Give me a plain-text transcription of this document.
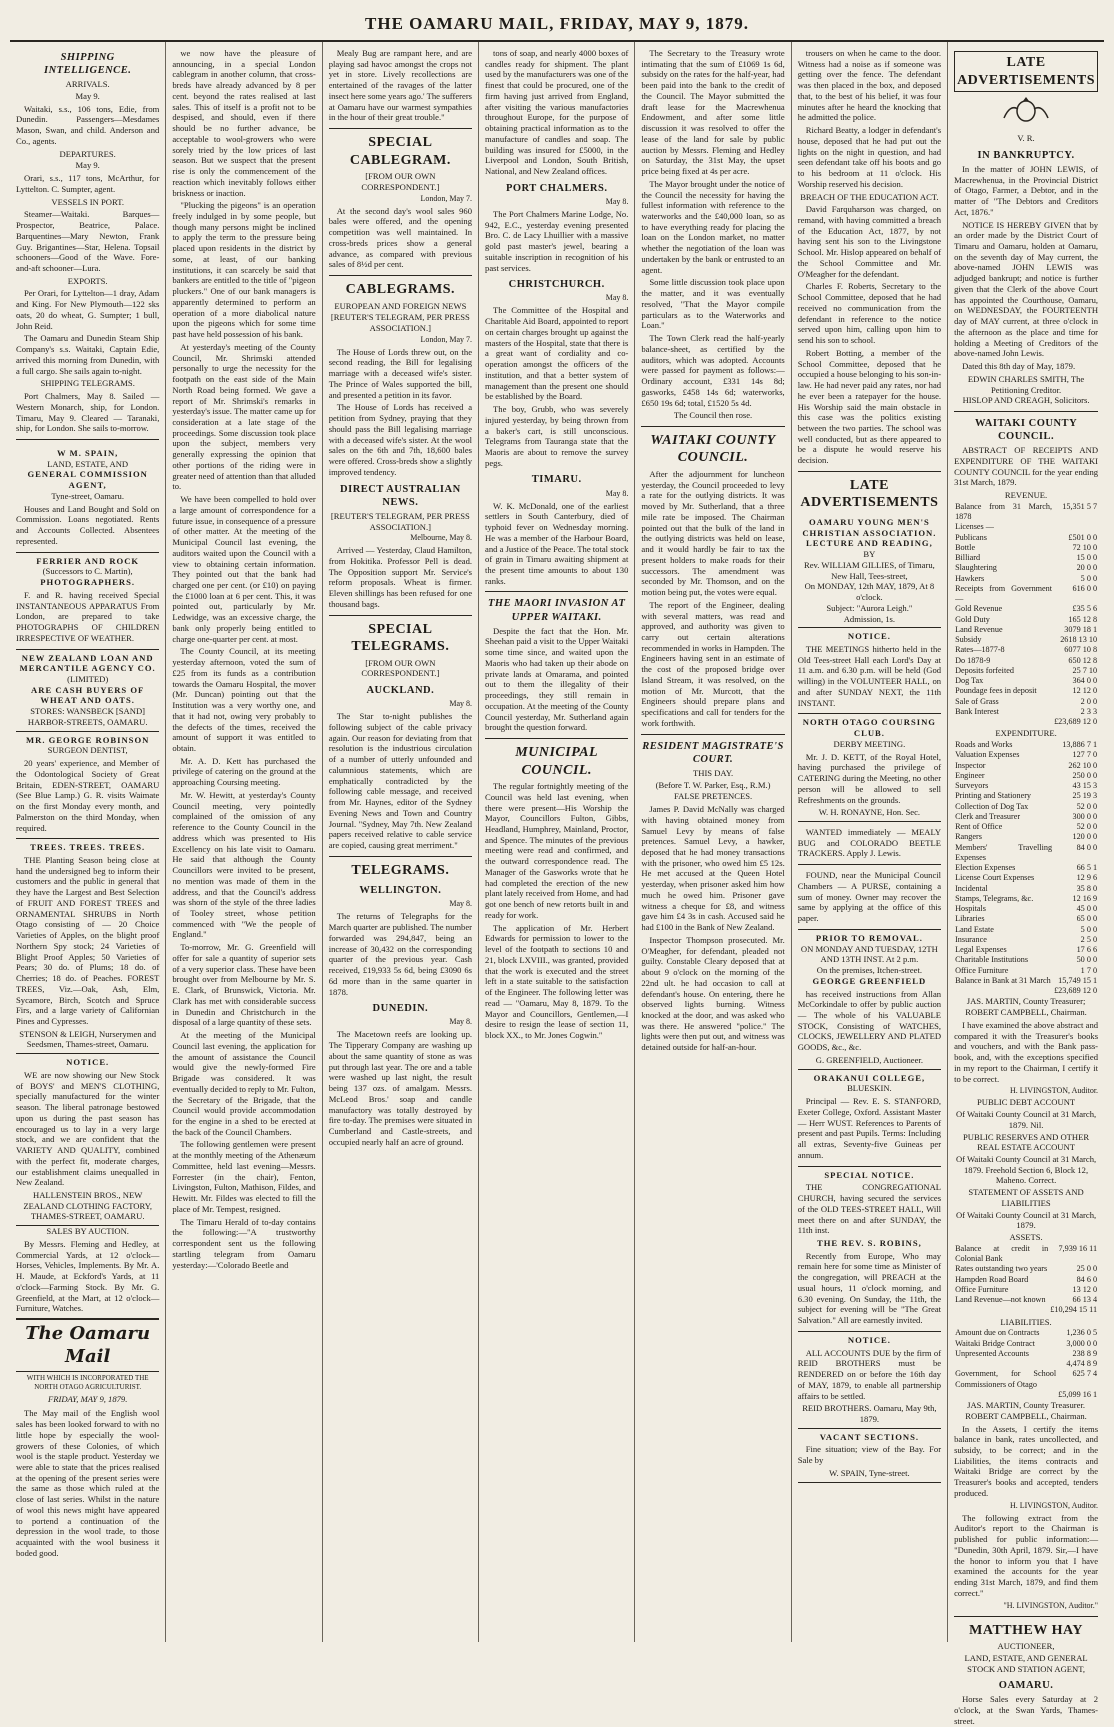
THE OAMARU MAIL, FRIDAY, MAY 9, 1879.
SHIPPING INTELLIGENCE.
ARRIVALS.
May 9.

Waitaki, s.s., 106 tons, Edie, from Dunedin. Passengers—Mesdames Mason, Swan, and child. Anderson and Co., agents.

DEPARTURES.
May 9.

Orari, s.s., 117 tons, McArthur, for Lyttelton. C. Sumpter, agent.

VESSELS IN PORT.

Steamer—Waitaki. Barques—Prospector, Beatrice, Palace. Barquentines—Mary Newton, Frank Guy. Brigantines—Star, Helena. Topsail schooners—Good of the Wave. Fore-and-aft schooner—Lura.

EXPORTS.

Per Orari, for Lyttelton—1 dray, Adam and King. For New Plymouth—122 sks oats, 20 do wheat, G. Sumpter; 1 bull, John Reid.

The Oamaru and Dunedin Steam Ship Company's s.s. Waitaki, Captain Edie, arrived this morning from Dunedin, with a full cargo. She sails again to-night.

SHIPPING TELEGRAMS.

Port Chalmers, May 8. Sailed — Western Monarch, ship, for London. Timaru, May 9. Cleared — Taranaki, ship, for London. She sails to-morrow.

W M. SPAIN,
LAND, ESTATE, AND
GENERAL COMMISSION AGENT,
Tyne-street, Oamaru.

Houses and Land Bought and Sold on Commission. Loans negotiated. Rents and Accounts Collected. Absentees represented.

FERRIER AND ROCK
(Successors to C. Martin),
PHOTOGRAPHERS.

F. and R. having received Special INSTANTANEOUS APPARATUS From London, are prepared to take PHOTOGRAPHS OF CHILDREN IRRESPECTIVE OF WEATHER.

NEW ZEALAND LOAN AND
MERCANTILE AGENCY CO.
(LIMITED)
ARE CASH BUYERS OF WHEAT AND OATS.
STORES: WANSBECK [SAND] HARBOR-STREETS, OAMARU.
MR. GEORGE ROBINSON
SURGEON DENTIST,

20 years' experience, and Member of the Odontological Society of Great Britain, EDEN-STREET, OAMARU (See Blue Lamp.) G. R. visits Waimate on the first Monday every month, and Palmerston on the third Monday, when required.

TREES. TREES. TREES.

THE Planting Season being close at hand the undersigned beg to inform their customers and the public in general that they have the Largest and Best Selection of FRUIT AND FOREST TREES and ORNAMENTAL SHRUBS in North Otago consisting of — 20 Choice Varieties of Apples, on the blight proof Northern Spy stock; 24 Varieties of Blight Proof Apples; 50 Varieties of Pears; 30 do. of Plums; 18 do. of Cherries; 18 do. of Peaches. FOREST TREES, Viz.—Oak, Ash, Elm, Sycamore, Birch, Scotch and Spruce Firs, and a large variety of Californian Pines and Cypresses.

STENSON & LEIGH, Nurserymen and Seedsmen, Thames-street, Oamaru.
NOTICE.

WE are now showing our New Stock of BOYS' and MEN'S CLOTHING, specially manufactured for the winter season. The liberal patronage bestowed upon us during the past season has encouraged us to lay in a very large stock, and we are confident that the VARIETY AND QUALITY, combined with the perfect fit, moderate charges, our establishment claims unequalled in New Zealand.

HALLENSTEIN BROS., NEW ZEALAND CLOTHING FACTORY, THAMES-STREET, OAMARU.
SALES BY AUCTION.

By Messrs. Fleming and Hedley, at Commercial Yards, at 12 o'clock—Horses, Vehicles, Implements. By Mr. A. H. Maude, at Eckford's Yards, at 11 o'clock—Farming Stock. By Mr. G. Greenfield, at the Mart, at 12 o'clock—Furniture, Watches.

The Oamaru Mail
WITH WHICH IS INCORPORATED THE NORTH OTAGO AGRICULTURIST.
FRIDAY, MAY 9, 1879.

The May mail of the English wool sales has been looked forward to with no little hope by especially the wool-growers of these Colonies, of which wool is the staple product. Yesterday we were able to state that the prices realised at the opening of the present series were the same as those which ruled at the close of last series. Whilst in the nature of wool this news might have appeared to portend a continuation of the depression in the wool trade, to those acquainted with the wool business it boded good.

we now have the pleasure of announcing, in a special London cablegram in another column, that cross-breds have already advanced by 8 per cent. beyond the rates realised at last sales. This of itself is a profit not to be despised, and should, even if there should be no further advance, be acceptable to wool-growers who were sorely tried by the low prices of last season. But we suspect that the present rise is only the commencement of the reaction which inevitably follows either briskness or inaction.

"Plucking the pigeons" is an operation freely indulged in by some people, but though many persons might be inclined to apply the term to the pressure being placed upon residents in the district by some, at least, of our banking institutions, it can scarcely be said that bankers are entitled to the title of "pigeon pluckers." One of our bank managers is apparently determined to perform an operation of a more diabolical nature upon the pigeons which for some time past have held possession of his bank.

At yesterday's meeting of the County Council, Mr. Shrimski attended personally to urge the necessity for the footpath on the east side of the Main North Road being formed. We gave a report of Mr. Shrimski's remarks in yesterday's issue. The matter came up for consideration at a late stage of the proceedings. Some discussion took place upon the subject, members very generally expressing the opinion that other portions of the riding were in greater need of attention than that alluded to.

We have been compelled to hold over a large amount of correspondence for a future issue, in consequence of a pressure of other matter. At the meeting of the Municipal Council last evening, the auditors waited upon the Council with a view to obtaining certain information. They pointed out that the bank had charged one per cent. (or £10) on paying the £1000 loan at 6 per cent. This, it was pointed out, particularly by Mr. Ledwidge, was an excessive charge, the bank only properly being entitled to charge one-quarter per cent. at most.

The County Council, at its meeting yesterday afternoon, voted the sum of £25 from its funds as a contribution towards the Oamaru Hospital, the mover (Mr. Duncan) pointing out that the Institution was a very worthy one, and that it had not, owing very probably to the defects of the times, received the amount of support it was entitled to obtain.

Mr. A. D. Kett has purchased the privilege of catering on the ground at the approaching Coursing meeting.

Mr. W. Hewitt, at yesterday's County Council meeting, very pointedly complained of the omission of any reference to the County Council in the address which was presented to His Excellency on his late visit to Oamaru. He said that although the County Councillors were invited to be present, no mention was made of them in the address, and that the Council's address was shorn of the style of the three ladies of Tooley street, whose petition commenced with "We the people of England."

To-morrow, Mr. G. Greenfield will offer for sale a quantity of superior sets of a very superior class. These have been brought over from Melbourne by Mr. S. E. Clark, of Brunswick, Victoria. Mr. Clark has met with considerable success in Dunedin and Christchurch in the disposal of a large quantity of these sets.

At the meeting of the Municipal Council last evening, the application for the amount of assistance the Council would give the newly-formed Fire Brigade was considered. It was eventually decided to reply to Mr. Fulton, the Secretary of the Brigade, that the Council would provide accommodation for the engine in a shed to be erected at the back of the Council Chambers.

The following gentlemen were present at the monthly meeting of the Athenæum Committee, held last evening—Messrs. Forrester (in the chair), Fenton, Livingston, Fulton, Mathison, Fildes, and Hewitt. Mr. Fildes was elected to fill the place of Mr. Tempest, resigned.

The Timaru Herald of to-day contains the following:—"A trustworthy correspondent sent us the following startling telegram from Oamaru yesterday:—'Colorado Beetle and

Mealy Bug are rampant here, and are playing sad havoc amongst the crops not yet in store. Lively recollections are entertained of the ravages of the latter insect here some years ago.' The sufferers at Oamaru have our warmest sympathies in the hour of their great trouble."

SPECIAL CABLEGRAM.
[FROM OUR OWN CORRESPONDENT.]
London, May 7.

At the second day's wool sales 960 bales were offered, and the opening competition was well maintained. In cross-breds prices show a general advance, as compared with previous sales of 8½d per cent.

CABLEGRAMS.
EUROPEAN AND FOREIGN NEWS
[REUTER'S TELEGRAM, PER PRESS ASSOCIATION.]
London, May 7.

The House of Lords threw out, on the second reading, the Bill for legalising marriage with a deceased wife's sister. The Prince of Wales supported the bill, and presented a petition in its favor.

The House of Lords has received a petition from Sydney, praying that they should pass the Bill legalising marriage with a deceased wife's sister. At the wool sales on the 6th and 7th, 18,600 bales were offered. Cross-breds show a slightly improved tendency.

DIRECT AUSTRALIAN NEWS.
[REUTER'S TELEGRAM, PER PRESS ASSOCIATION.]
Melbourne, May 8.

Arrived — Yesterday, Claud Hamilton, from Hokitika. Professor Pell is dead. The Opposition support Mr. Service's reform proposals. Wheat is firmer. Eleven shillings has been refused for one thousand bags.

SPECIAL TELEGRAMS.
[FROM OUR OWN CORRESPONDENT.]
AUCKLAND.
May 8.

The Star to-night publishes the following subject of the cable privacy again. Our reason for deviating from that resolution is the industrious circulation of a number of utterly unfounded and calumnious statements, which are emphatically contradicted by the following cable message, and received from Mr. Haynes, editor of the Sydney Evening News and Town and Country Journal. "Sydney, May 7th. New Zealand papers received relative to cable service are copied, causing great merriment."

TELEGRAMS.
WELLINGTON.
May 8.

The returns of Telegraphs for the March quarter are published. The number forwarded was 294,847, being an increase of 30,432 on the corresponding quarter of the previous year. Cash received, £19,933 5s 6d, being £3090 6s 6d more than in the same quarter in 1878.

DUNEDIN.
May 8.

The Macetown reefs are looking up. The Tipperary Company are washing up about the same quantity of stone as was put through last year. The ore and a table were washed up last night, the result being 137 ozs. of amalgam. Messrs. McLeod Bros.' soap and candle manufactory was totally destroyed by fire to-day. The premises were situated in Cumberland and Castle-streets, and occupied nearly half an acre of ground.

tons of soap, and nearly 4000 boxes of candles ready for shipment. The plant used by the manufacturers was one of the finest that could be procured, one of the firm having just arrived from England, after visiting the various manufactories throughout Europe, for the purpose of obtaining practical information as to the manufacture of candles and soap. The building was insured for £5000, in the Liverpool and London, South British, National, and New Zealand offices.

PORT CHALMERS.
May 8.

The Port Chalmers Marine Lodge, No. 942, E.C., yesterday evening presented Bro. C. de Lacy Lhuillier with a massive gold past master's jewel, bearing a suitable inscription in recognition of his past services.

CHRISTCHURCH.
May 8.

The Committee of the Hospital and Charitable Aid Board, appointed to report on certain charges brought up against the masters of the Hospital, state that there is a great want of cordiality and co-operation amongst the officers of the institution, and that a better system of management than the present one should be established by the Board.

The boy, Grubb, who was severely injured yesterday, by being thrown from a baker's cart, is still unconscious. Telegrams from Tauranga state that the Maoris are about to remove the survey pegs.

TIMARU.
May 8.

W. K. McDonald, one of the earliest settlers in South Canterbury, died of typhoid fever on Wednesday morning. He was a member of the Harbour Board, and a Justice of the Peace. The total stock of grain in Timaru awaiting shipment at the present time amounts to about 130 ranks.

THE MAORI INVASION AT UPPER WAITAKI.

Despite the fact that the Hon. Mr. Sheehan paid a visit to the Upper Waitaki some time since, and waited upon the Maoris who had taken up their abode on private lands at Omarama, and pointed out to them the illegality of their proceedings, they still remain in occupation. At the meeting of the County Council yesterday, Mr. Sutherland again brought the question forward.

MUNICIPAL COUNCIL.

The regular fortnightly meeting of the Council was held last evening, when there were present—His Worship the Mayor, Councillors Fulton, Gibbs, Headland, Humphrey, Mainland, Proctor, and Spence. The minutes of the previous meeting were read and confirmed, and the outward correspondence read. The Manager of the Gasworks wrote that he had completed the erection of the new plant lately received from Home, and had got one bench of new retorts built in and ready for work.

The application of Mr. Herbert Edwards for permission to lower to the level of the footpath to sections 10 and 21, block LXVIII., was granted, provided that the work is executed and the street left in a state suitable to the satisfaction of the Engineer. The following letter was read — "Oamaru, May 8, 1879. To the Mayor and Councillors, Gentlemen,—I desire to resign the lease of section 11, block XX., to Mr. Jones Cogwin."

The Secretary to the Treasury wrote intimating that the sum of £1069 1s 6d, subsidy on the rates for the half-year, had been paid into the bank to the credit of the Council. The Mayor submitted the draft lease for the Macrewhenua Endowment, and after some little discussion it was resolved to offer the lease of the land for sale by public auction by Messrs. Fleming and Hedley on Saturday, the 31st May, the upset price being fixed at 4s per acre.

The Mayor brought under the notice of the Council the necessity for having the fullest information with reference to the waterworks and the £40,000 loan, so as to have everything ready for placing the loan on the London market, no matter whether the negotiation of the loan was undertaken by the bank or entrusted to an agent.

Some little discussion took place upon the matter, and it was eventually resolved, "That the Mayor compile particulars as to the Waterworks and Loan."

The Town Clerk read the half-yearly balance-sheet, as certified by the auditors, which was adopted. Accounts were passed for payment as follows:—Ordinary account, £331 14s 8d; gasworks, £458 14s 6d; waterworks, £650 19s 6d; total, £1520 5s 4d.

The Council then rose.
WAITAKI COUNTY COUNCIL.

After the adjournment for luncheon yesterday, the Council proceeded to levy a rate for the outlying districts. It was moved by Mr. Sutherland, that a three mile rate be imposed. The Chairman pointed out that the bulk of the land in the outlying districts was held on lease, and it would hardly be fair to tax the present holders to make roads for their successors. The amendment was seconded by Mr. Thomson, and on the motion being put, the votes were equal.

The report of the Engineer, dealing with several matters, was read and approved, and authority was given to carry out certain alterations recommended in works in Hampden. The Engineers having sent in an estimate of the cost of the proposed bridge over Island Stream, it was resolved, on the motion of Mr. Murcott, that the Engineers should prepare plans and specifications and call for tenders for the work forthwith.

RESIDENT MAGISTRATE'S COURT.
THIS DAY.
(Before T. W. Parker, Esq., R.M.)
FALSE PRETENCES.

James P. David McNally was charged with having obtained money from Samuel Levy by means of false pretences. Samuel Levy, a hawker, deposed that he had money transactions with the prisoner, who owed him £5 12s. He met accused at the Queen Hotel yesterday, when prisoner asked him how much he owed him. Prisoner gave witness a cheque for £8, and witness gave him £4 3s in cash. Accused said he had £100 in the Bank of New Zealand.

Inspector Thompson prosecuted. Mr. O'Meagher, for defendant, pleaded not guilty. Constable Cleary deposed that at about 9 o'clock on the morning of the 22nd ult. he had occasion to call at defendant's house. On entering, there he observed lights burning. Witness knocked at the door, and was asked who was there. He answered "police." The lights were then put out, and witness was detained outside for half-an-hour.

trousers on when he came to the door. Witness had a noise as if someone was getting over the fence. The defendant was then placed in the box, and deposed that, to the best of his belief, it was four minutes after he heard the knocking that he admitted the police.

Richard Beatty, a lodger in defendant's house, deposed that he had put out the lights on the night in question, and had seen defendant take off his boots and go to his bedroom at 11 o'clock. His Worship reserved his decision.

BREACH OF THE EDUCATION ACT.

David Farquharson was charged, on remand, with having committed a breach of the Education Act, 1877, by not having sent his son to the Livingstone School. Mr. Hislop appeared on behalf of the School Committee and Mr. O'Meagher for the defendant.

Charles F. Roberts, Secretary to the School Committee, deposed that he had received no communication from the defendant in reference to the notice served upon him, calling upon him to send his son to school.

Robert Botting, a member of the School Committee, deposed that he occupied a house belonging to his son-in-law. He had never paid any rates, nor had he ever been a ratepayer for the house. His Worship said the main obstacle in this case was the politics existing between the two parties. The school was well conducted, but as there appeared to be a dispute he would reserve his decision.

LATE ADVERTISEMENTS
OAMARU YOUNG MEN'S CHRISTIAN ASSOCIATION.
LECTURE AND READING,
BY
Rev. WILLIAM GILLIES, of Timaru,
New Hall, Tees-street,
On MONDAY, 12th MAY, 1879, At 8 o'clock.
Subject: "Aurora Leigh."
Admission, 1s.
NOTICE.

THE MEETINGS hitherto held in the Old Tees-street Hall each Lord's Day at 11 a.m. and 6.30 p.m. will be held (God willing) in the VOLUNTEER HALL, on and after SUNDAY NEXT, the 11th INSTANT.

NORTH OTAGO COURSING CLUB.
DERBY MEETING.

Mr. J. D. KETT, of the Royal Hotel, having purchased the privilege of CATERING during the Meeting, no other person will be allowed to sell Refreshments on the grounds.

W. H. RONAYNE, Hon. Sec.

WANTED immediately — MEALY BUG and COLORADO BEETLE TRACKERS. Apply J. Lewis.

FOUND, near the Municipal Council Chambers — A PURSE, containing a sum of money. Owner may recover the same by applying at the office of this paper.

PRIOR TO REMOVAL.
ON MONDAY AND TUESDAY, 12TH AND 13TH INST. At 2 p.m.
On the premises, Itchen-street.
GEORGE GREENFIELD

has received instructions from Allan McCorkindale to offer by public auction — The whole of his VALUABLE STOCK, Consisting of WATCHES, CLOCKS, JEWELLERY AND PLATED GOODS, &c., &c.

G. GREENFIELD, Auctioneer.
ORAKANUI COLLEGE,
BLUESKIN.

Principal — Rev. E. S. STANFORD, Exeter College, Oxford. Assistant Master — Herr WUST. References to Parents of present and past Pupils. Terms: Including all extras, Seventy-five Guineas per annum.

SPECIAL NOTICE.

THE CONGREGATIONAL CHURCH, having secured the services of the OLD TEES-STREET HALL, Will meet there on and after SUNDAY, the 11th inst.

THE REV. S. ROBINS,

Recently from Europe, Who may remain here for some time as Minister of the congregation, will PREACH at the usual hours, 11 o'clock morning, and 6.30 evening. On Sunday, the 11th, the subject for evening will be "The Great Salvation." All are earnestly invited.

NOTICE.

ALL ACCOUNTS DUE by the firm of REID BROTHERS must be RENDERED on or before the 16th day of MAY, 1879, to enable all partnership affairs to be settled.

REID BROTHERS. Oamaru, May 9th, 1879.
VACANT SECTIONS.

Fine situation; view of the Bay. For Sale by

W. SPAIN, Tyne-street.
LATE ADVERTISEMENTS
V. R.
IN BANKRUPTCY.

In the matter of JOHN LEWIS, of Macrewhenua, in the Provincial District of Otago, Farmer, a Debtor, and in the matter of "The Debtors and Creditors Act, 1876."

NOTICE IS HEREBY GIVEN that by an order made by the District Court of Timaru and Oamaru, holden at Oamaru, on the seventh day of May current, the above-named JOHN LEWIS was adjudged bankrupt; and notice is further given that the Clerk of the above Court has appointed the Courthouse, Oamaru, on WEDNESDAY, the FOURTEENTH day of MAY current, at three o'clock in the afternoon as the place and time for holding a Meeting of Creditors of the above-named John Lewis.

Dated this 8th day of May, 1879.

EDWIN CHARLES SMITH, The Petitioning Creditor.
HISLOP AND CREAGH, Solicitors.
WAITAKI COUNTY COUNCIL.

ABSTRACT OF RECEIPTS AND EXPENDITURE OF THE WAITAKI COUNTY COUNCIL for the year ending 31st March, 1879.

REVENUE.
Balance from 31 March, 1878	15,351 5 7
Licenses —	
Publicans	£501 0 0
Bottle	72 10 0
Billiard	15 0 0
Slaughtering	20 0 0
Hawkers	5 0 0
Receipts from Government—	616 0 0
Gold Revenue	£35 5 6
Gold Duty	165 12 8
Land Revenue	3079 18 1
Subsidy	2618 13 10
Rates—1877-8	6077 10 8
Do 1878-9	650 12 8
Deposits forfeited	25 7 10
Dog Tax	364 0 0
Poundage fees in deposit	12 12 0
Sale of Grass	2 0 0
Bank Interest	2 3 3
	£23,689 12 0
EXPENDITURE.
Roads and Works	13,886 7 1
Valuation Expenses	127 7 0
Inspector	262 10 0
Engineer	250 0 0
Surveyors	43 15 3
Printing and Stationery	25 19 3
Collection of Dog Tax	52 0 0
Clerk and Treasurer	300 0 0
Rent of Office	52 0 0
Rangers	120 0 0
Members' Travelling Expenses	84 0 0
Election Expenses	66 5 1
License Court Expenses	12 9 6
Incidental	35 8 0
Stamps, Telegrams, &c.	12 16 9
Hospitals	45 0 0
Libraries	65 0 0
Land Estate	5 0 0
Insurance	2 5 0
Legal Expenses	17 6 6
Charitable Institutions	50 0 0
Office Furniture	1 7 0
Balance in Bank at 31 March	15,749 15 1
	£23,689 12 0
JAS. MARTIN, County Treasurer;
ROBERT CAMPBELL, Chairman.

I have examined the above abstract and compared it with the Treasurer's books and vouchers, and with the Bank pass-book, and, with the exceptions specified in my report to the Chairman, I certify it to be correct.

H. LIVINGSTON, Auditor.
PUBLIC DEBT ACCOUNT
Of Waitaki County Council at 31 March, 1879. Nil.
PUBLIC RESERVES AND OTHER REAL ESTATE ACCOUNT
Of Waitaki County Council at 31 March, 1879. Freehold Section 6, Block 12, Maheno. Correct.
STATEMENT OF ASSETS AND LIABILITIES
Of Waitaki County Council at 31 March, 1879.
ASSETS.
Balance at credit in Colonial Bank	7,939 16 11
Rates outstanding two years	25 0 0
Hampden Road Board	84 6 0
Office Furniture	13 12 0
Land Revenue—not known	66 13 4
	£10,294 15 11
LIABILITIES.
Amount due on Contracts	1,236 0 5
Waitaki Bridge Contract	3,000 0 0
Unpresented Accounts	238 8 9
	4,474 8 9
Government, for School Commissioners of Otago	625 7 4
	£5,099 16 1
JAS. MARTIN, County Treasurer.
ROBERT CAMPBELL, Chairman.

In the Assets, I certify the items balance in bank, rates uncollected, and subsidy, to be correct; and in the Liabilities, the items contracts and Waitaki Bridge are correct by the Treasurer's books and accepted, tenders produced.

H. LIVINGSTON, Auditor.

The following extract from the Auditor's report to the Chairman is published for public information:— "Dunedin, 30th April, 1879. Sir,—I have the honor to inform you that I have examined the accounts for the year ending 31st March, 1879, and find them correct."

"H. LIVINGSTON, Auditor."
MATTHEW HAY
AUCTIONEER,
LAND, ESTATE, AND GENERAL STOCK AND STATION AGENT,
OAMARU.

Horse Sales every Saturday at 2 o'clock, at the Swan Yards, Thames-street.
